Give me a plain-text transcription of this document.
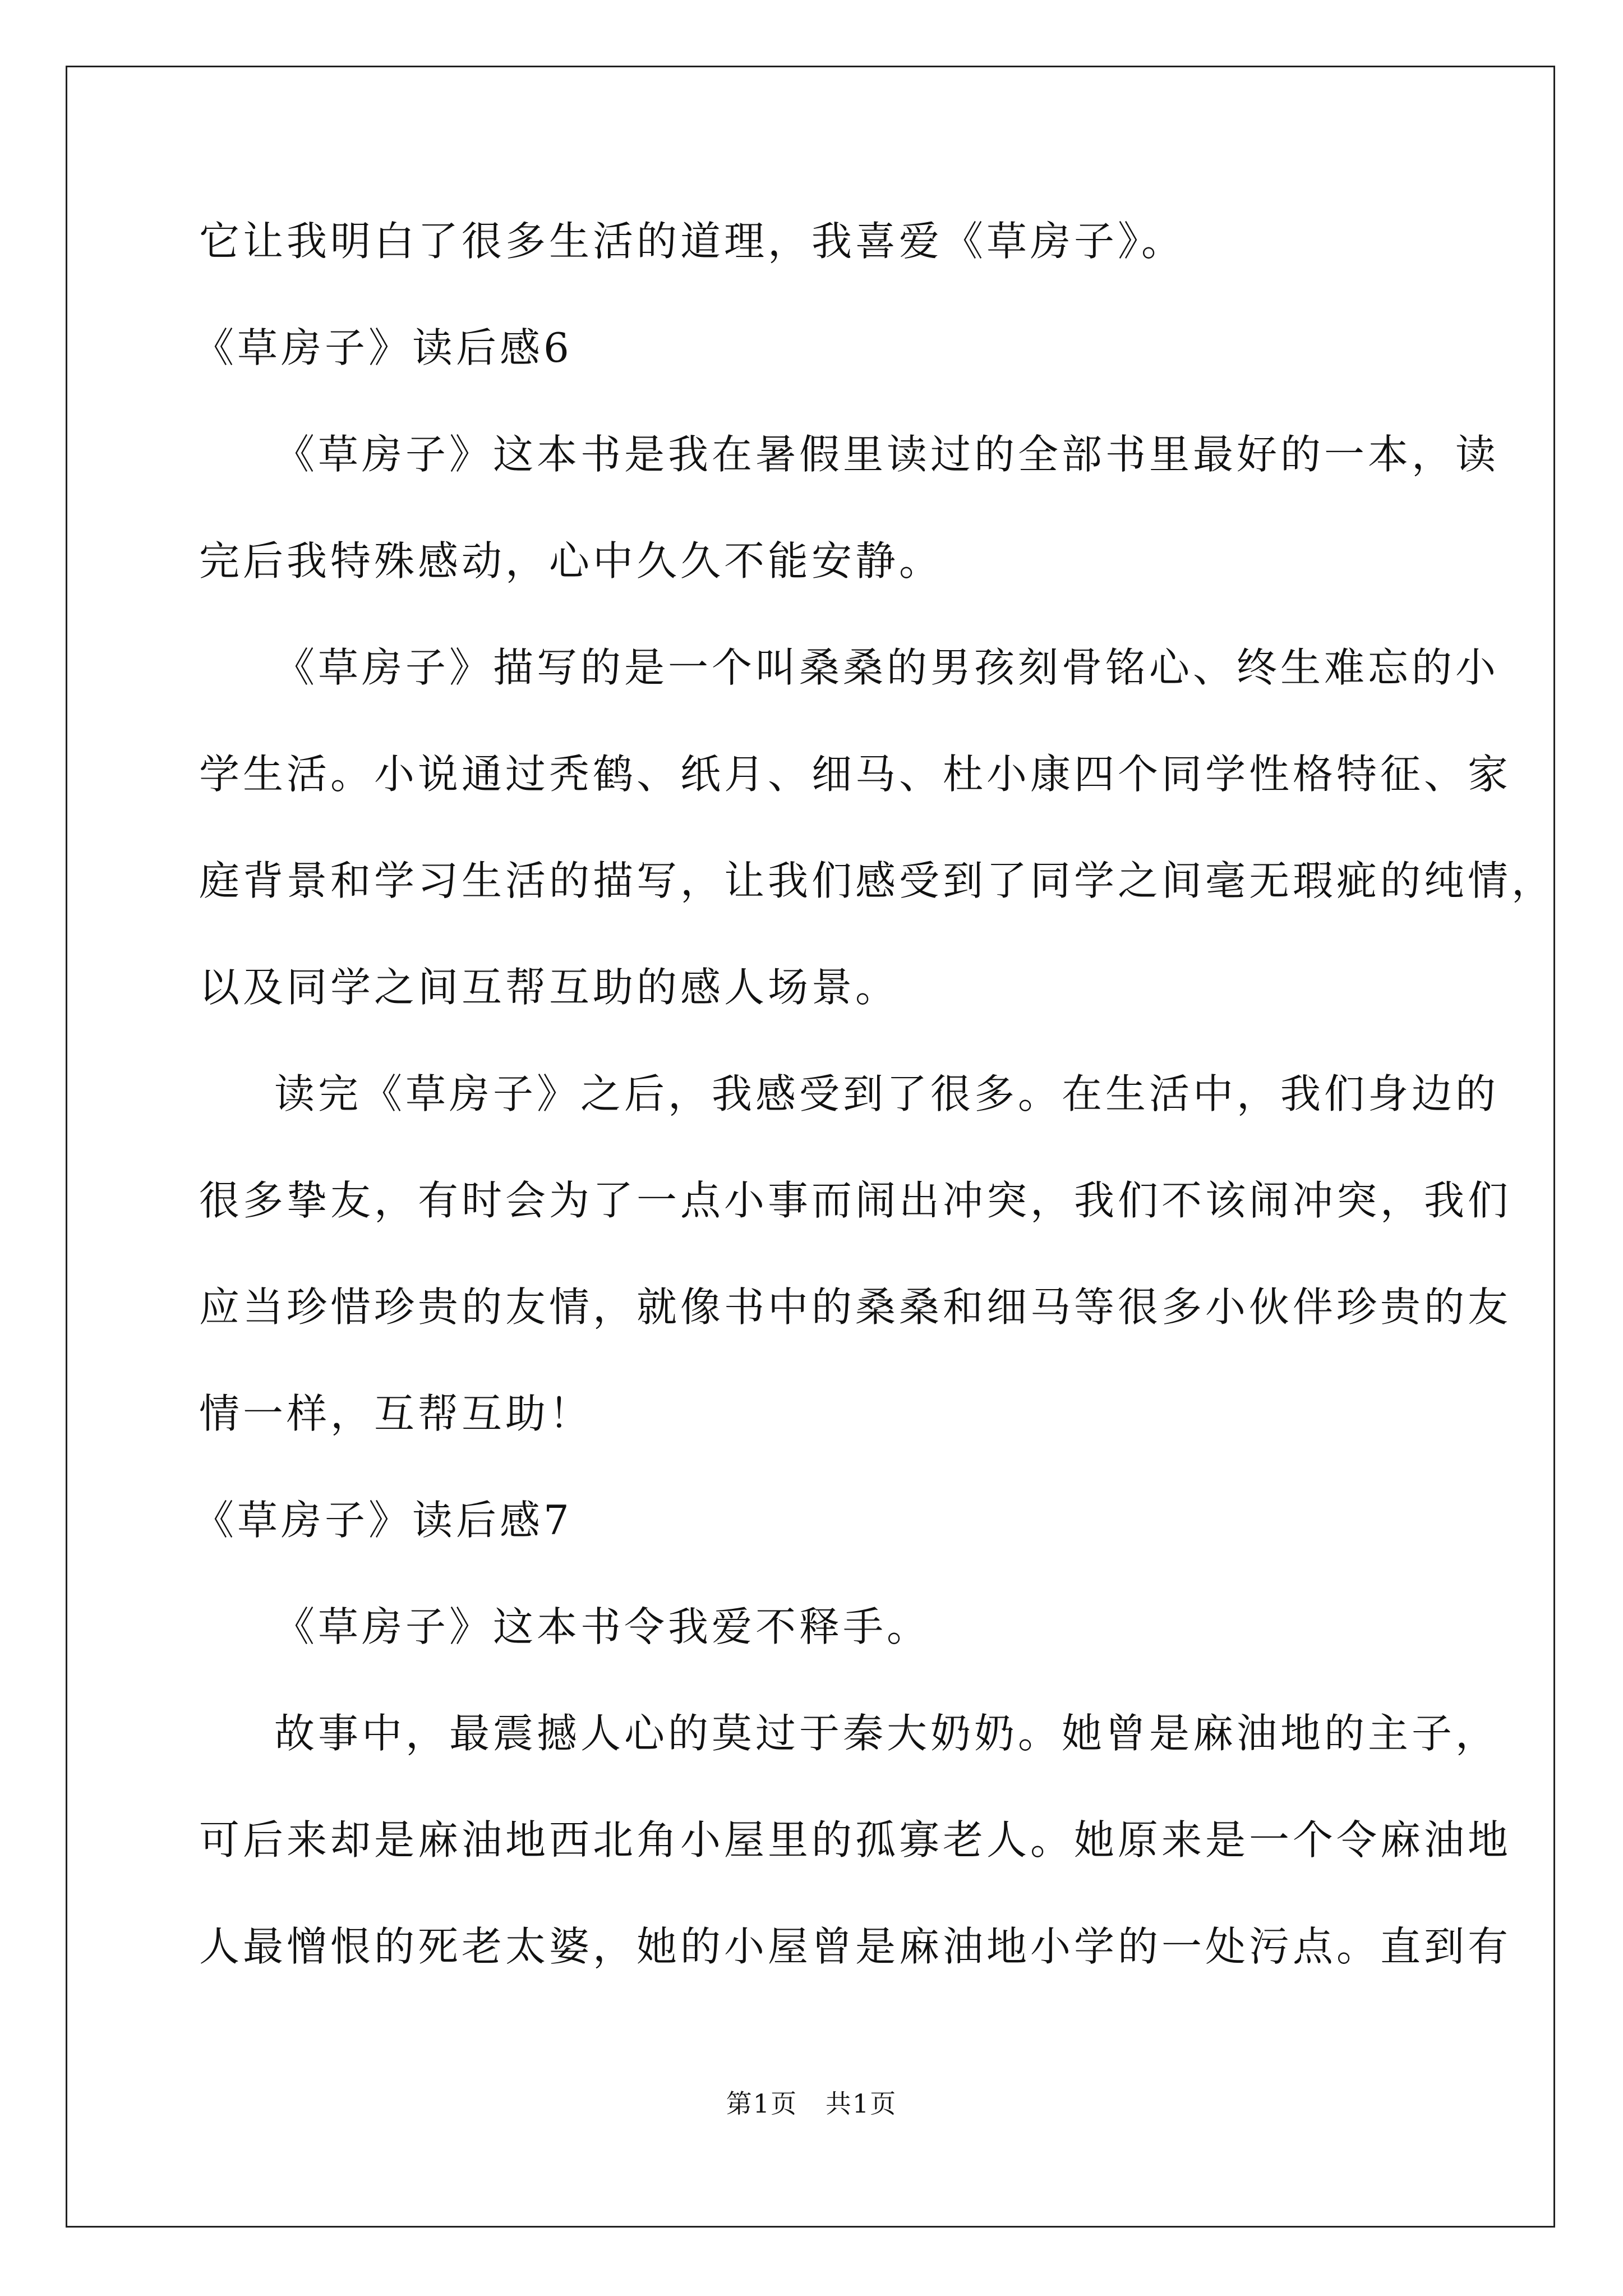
它让我明白了很多生活的道理，我喜爱《草房子》。
《草房子》读后感6
《草房子》这本书是我在暑假里读过的全部书里最好的一本，读
完后我特殊感动，心中久久不能安静。
《草房子》描写的是一个叫桑桑的男孩刻骨铭心、终生难忘的小
学生活。小说通过秃鹤、纸月、细马、杜小康四个同学性格特征、家
庭背景和学习生活的描写，让我们感受到了同学之间毫无瑕疵的纯情，
以及同学之间互帮互助的感人场景。
读完《草房子》之后，我感受到了很多。在生活中，我们身边的
很多挚友，有时会为了一点小事而闹出冲突，我们不该闹冲突，我们
应当珍惜珍贵的友情，就像书中的桑桑和细马等很多小伙伴珍贵的友
情一样，互帮互助！
《草房子》读后感7
《草房子》这本书令我爱不释手。
故事中，最震撼人心的莫过于秦大奶奶。她曾是麻油地的主子，
可后来却是麻油地西北角小屋里的孤寡老人。她原来是一个令麻油地
人最憎恨的死老太婆，她的小屋曾是麻油地小学的一处污点。直到有
第1页   共1页
